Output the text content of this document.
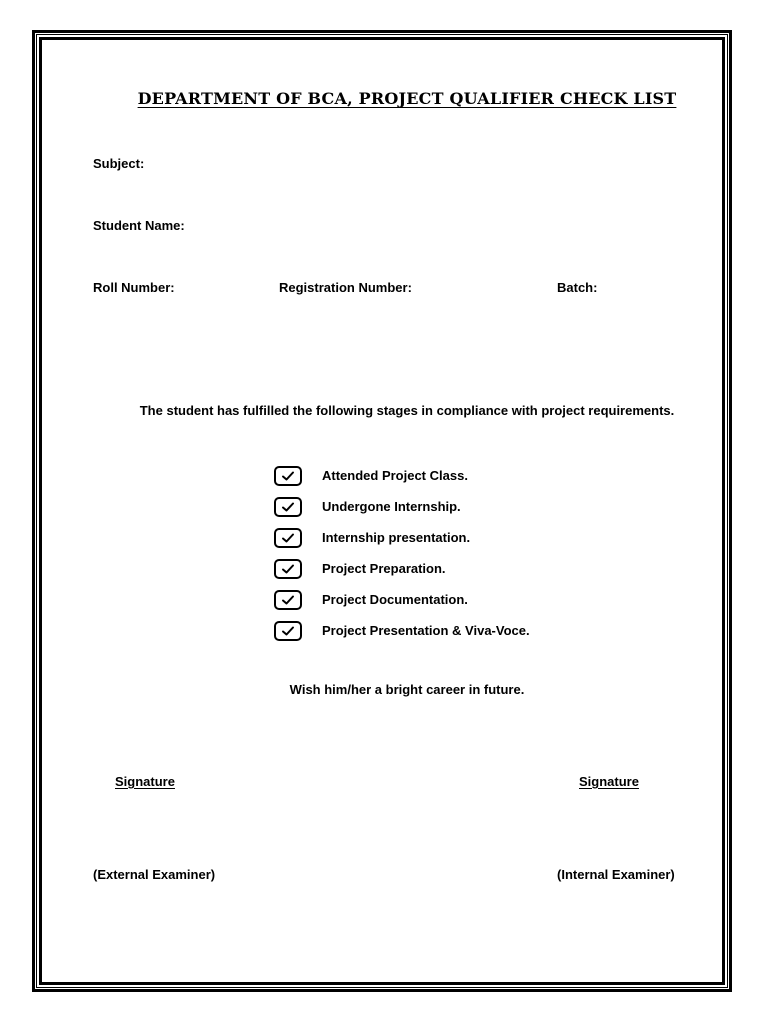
DEPARTMENT OF BCA, PROJECT QUALIFIER CHECK LIST
Subject:
Student Name:
Roll Number:	Registration Number:	Batch:
The student has fulfilled the following stages in compliance with project requirements.
Attended Project Class.
Undergone Internship.
Internship presentation.
Project Preparation.
Project Documentation.
Project Presentation & Viva-Voce.
Wish him/her a bright career in future.
Signature	Signature
(External Examiner)	(Internal Examiner)
